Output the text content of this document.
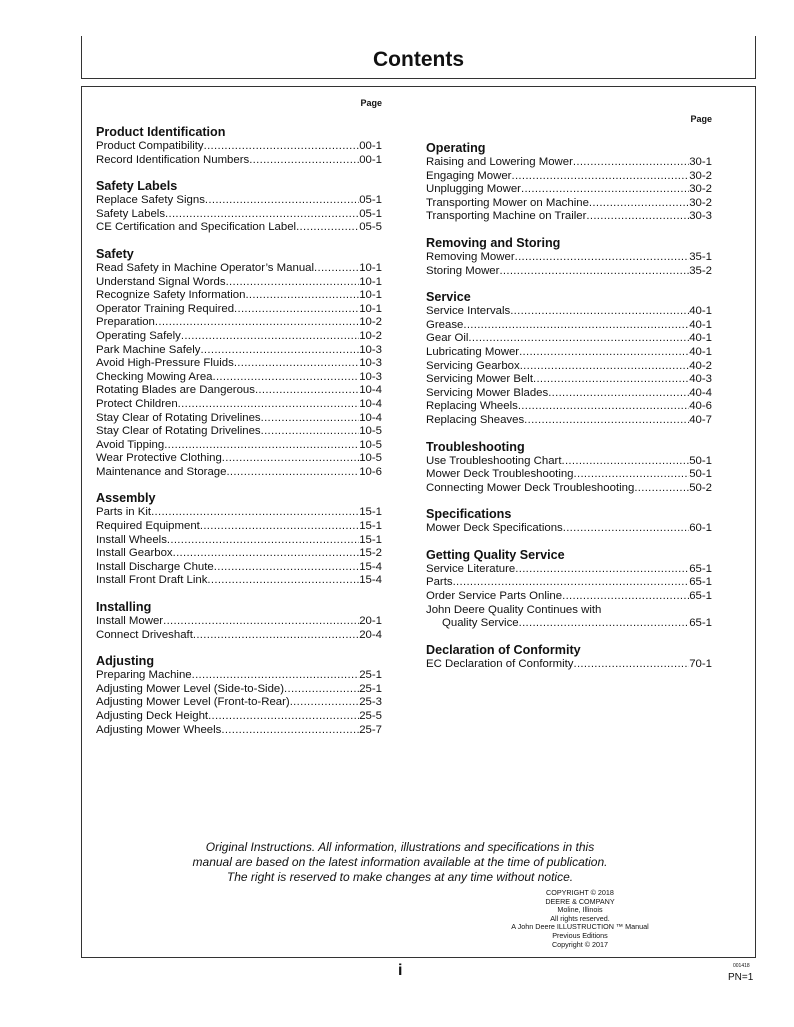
Contents
Page
Product Identification
Product Compatibility .....	00-1
Record Identification Numbers .....	00-1
Safety Labels
Replace Safety Signs .....	05-1
Safety Labels .....	05-1
CE Certification and Specification Label .....	05-5
Safety
Read Safety in Machine Operator’s Manual .....	10-1
Understand Signal Words .....	10-1
Recognize Safety Information .....	10-1
Operator Training Required .....	10-1
Preparation .....	10-2
Operating Safely .....	10-2
Park Machine Safely .....	10-3
Avoid High-Pressure Fluids .....	10-3
Checking Mowing Area .....	10-3
Rotating Blades are Dangerous .....	10-4
Protect Children .....	10-4
Stay Clear of Rotating Drivelines .....	10-4
Stay Clear of Rotating Drivelines .....	10-5
Avoid Tipping .....	10-5
Wear Protective Clothing .....	10-5
Maintenance and Storage .....	10-6
Assembly
Parts in Kit .....	15-1
Required Equipment .....	15-1
Install Wheels .....	15-1
Install Gearbox .....	15-2
Install Discharge Chute .....	15-4
Install Front Draft Link .....	15-4
Installing
Install Mower .....	20-1
Connect Driveshaft .....	20-4
Adjusting
Preparing Machine .....	25-1
Adjusting Mower Level (Side-to-Side) .....	25-1
Adjusting Mower Level (Front-to-Rear) .....	25-3
Adjusting Deck Height .....	25-5
Adjusting Mower Wheels .....	25-7
Page
Operating
Raising and Lowering Mower .....	30-1
Engaging Mower .....	30-2
Unplugging Mower .....	30-2
Transporting Mower on Machine .....	30-2
Transporting Machine on Trailer .....	30-3
Removing and Storing
Removing Mower .....	35-1
Storing Mower .....	35-2
Service
Service Intervals .....	40-1
Grease .....	40-1
Gear Oil .....	40-1
Lubricating Mower .....	40-1
Servicing Gearbox .....	40-2
Servicing Mower Belt .....	40-3
Servicing Mower Blades .....	40-4
Replacing Wheels .....	40-6
Replacing Sheaves .....	40-7
Troubleshooting
Use Troubleshooting Chart .....	50-1
Mower Deck Troubleshooting .....	50-1
Connecting Mower Deck Troubleshooting .....	50-2
Specifications
Mower Deck Specifications .....	60-1
Getting Quality Service
Service Literature .....	65-1
Parts .....	65-1
Order Service Parts Online .....	65-1
John Deere Quality Continues with
Quality Service .....	65-1
Declaration of Conformity
EC Declaration of Conformity .....	70-1
Original Instructions. All information, illustrations and specifications in this
manual are based on the latest information available at the time of publication.
The right is reserved to make changes at any time without notice.
COPYRIGHT © 2018
DEERE & COMPANY
Moline, Illinois
All rights reserved.
A John Deere ILLUSTRUCTION ™ Manual
Previous Editions
Copyright © 2017
i	001418
PN=1
